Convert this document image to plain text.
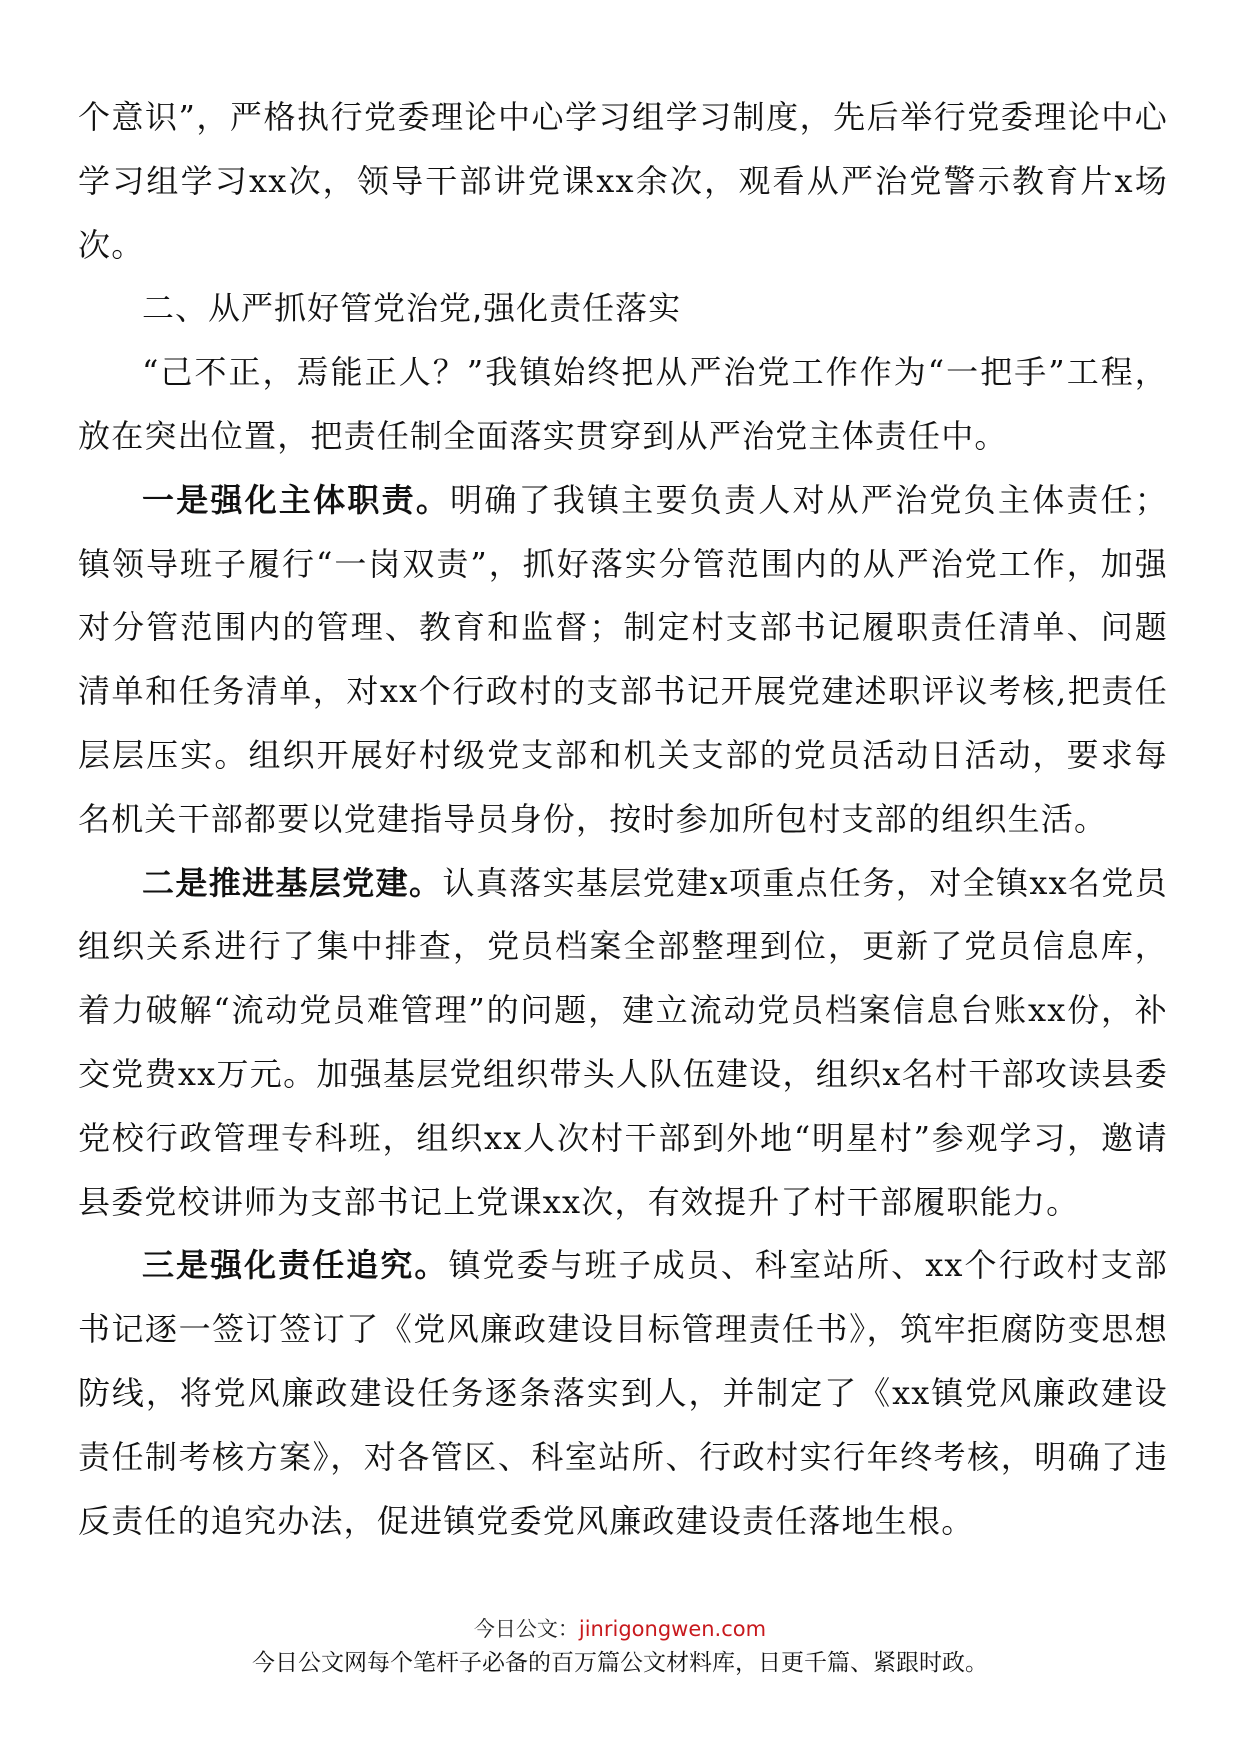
个意识”，严格执行党委理论中心学习组学习制度，先后举行党委理论中心学习组学习xx次，领导干部讲党课xx余次，观看从严治党警示教育片x场次。

二、从严抓好管党治党,强化责任落实

“己不正，焉能正人？”我镇始终把从严治党工作作为“一把手”工程，放在突出位置，把责任制全面落实贯穿到从严治党主体责任中。

一是强化主体职责。明确了我镇主要负责人对从严治党负主体责任；镇领导班子履行“一岗双责”，抓好落实分管范围内的从严治党工作，加强对分管范围内的管理、教育和监督；制定村支部书记履职责任清单、问题清单和任务清单，对xx个行政村的支部书记开展党建述职评议考核,把责任层层压实。组织开展好村级党支部和机关支部的党员活动日活动，要求每名机关干部都要以党建指导员身份，按时参加所包村支部的组织生活。

二是推进基层党建。认真落实基层党建x项重点任务，对全镇xx名党员组织关系进行了集中排查，党员档案全部整理到位，更新了党员信息库，着力破解“流动党员难管理”的问题，建立流动党员档案信息台账xx份，补交党费xx万元。加强基层党组织带头人队伍建设，组织x名村干部攻读县委党校行政管理专科班，组织xx人次村干部到外地“明星村”参观学习，邀请县委党校讲师为支部书记上党课xx次，有效提升了村干部履职能力。

三是强化责任追究。镇党委与班子成员、科室站所、xx个行政村支部书记逐一签订签订了《党风廉政建设目标管理责任书》，筑牢拒腐防变思想防线，将党风廉政建设任务逐条落实到人，并制定了《xx镇党风廉政建设责任制考核方案》，对各管区、科室站所、行政村实行年终考核，明确了违反责任的追究办法，促进镇党委党风廉政建设责任落地生根。

今日公文：jinrigongwen.com
今日公文网每个笔杆子必备的百万篇公文材料库，日更千篇、紧跟时政。
